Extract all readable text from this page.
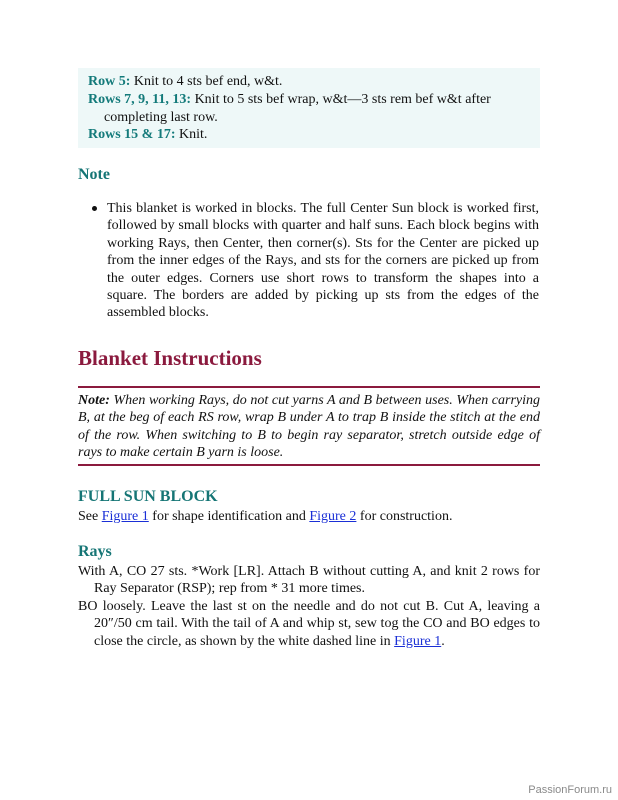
Row 5: Knit to 4 sts bef end, w&t.
Rows 7, 9, 11, 13: Knit to 5 sts bef wrap, w&t—3 sts rem bef w&t after
completing last row.
Rows 15 & 17: Knit.
Note

This blanket is worked in blocks. The full Center Sun block is worked first, followed by small blocks with quarter and half suns. Each block begins with working Rays, then Center, then corner(s). Sts for the Center are picked up from the inner edges of the Rays, and sts for the corners are picked up from the outer edges. Corners use short rows to transform the shapes into a square. The borders are added by picking up sts from the edges of the assembled blocks.

Blanket Instructions

Note: When working Rays, do not cut yarns A and B between uses. When carrying B, at the beg of each RS row, wrap B under A to trap B inside the stitch at the end of the row. When switching to B to begin ray separator, stretch outside edge of rays to make certain B yarn is loose.

FULL SUN BLOCK

See Figure 1 for shape identification and Figure 2 for construction.

Rays

With A, CO 27 sts. *Work [LR]. Attach B without cutting A, and knit 2 rows for Ray Separator (RSP); rep from * 31 more times.

BO loosely. Leave the last st on the needle and do not cut B. Cut A, leaving a 20″/50 cm tail. With the tail of A and whip st, sew tog the CO and BO edges to close the circle, as shown by the white dashed line in Figure 1.

PassionForum.ru
